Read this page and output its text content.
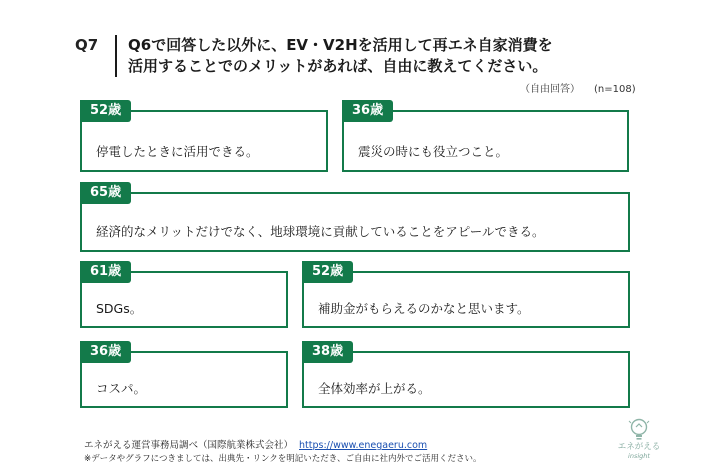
Q7 Q6で回答した以外に、EV・V2Hを活用して再エネ自家消費を
活用することでのメリットがあれば、自由に教えてください。
（自由回答） (n=108)
52歳
停電したときに活用できる。
36歳
震災の時にも役立つこと。
65歳
経済的なメリットだけでなく、地球環境に貢献していることをアピールできる。
61歳
SDGs。
52歳
補助金がもらえるのかなと思います。
36歳
コスパ。
38歳
全体効率が上がる。
エネがえる運営事務局調べ（国際航業株式会社） https://www.enegaeru.com
※データやグラフにつきましては、出典先・リンクを明記いただき、ご自由に社内外でご活用ください。
エネがえる
insight
